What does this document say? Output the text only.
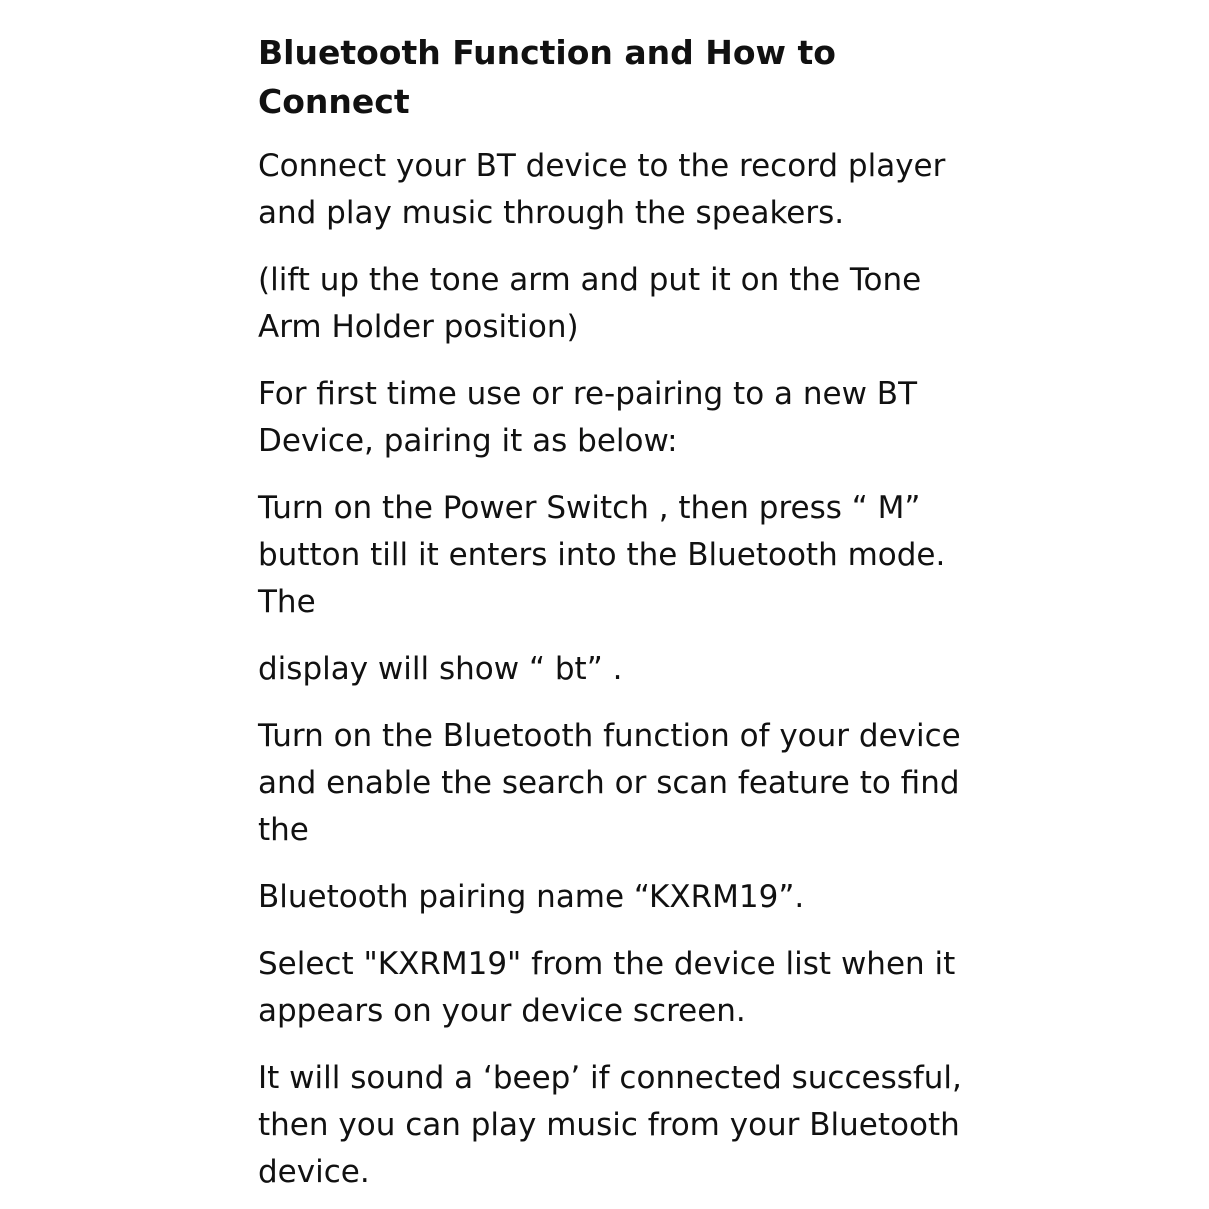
Bluetooth Function and How to Connect

Connect your BT device to the record player and play music through the speakers.

(lift up the tone arm and put it on the Tone Arm Holder position)

For first time use or re-pairing to a new BT Device, pairing it as below:

Turn on the Power Switch , then press “ M” button till it enters into the Bluetooth mode. The

display will show “ bt” .

Turn on the Bluetooth function of your device and enable the search or scan feature to find the

Bluetooth pairing name “KXRM19”.

Select "KXRM19" from the device list when it appears on your device screen.

It will sound a ‘beep’ if connected successful, then you can play music from your Bluetooth device.
